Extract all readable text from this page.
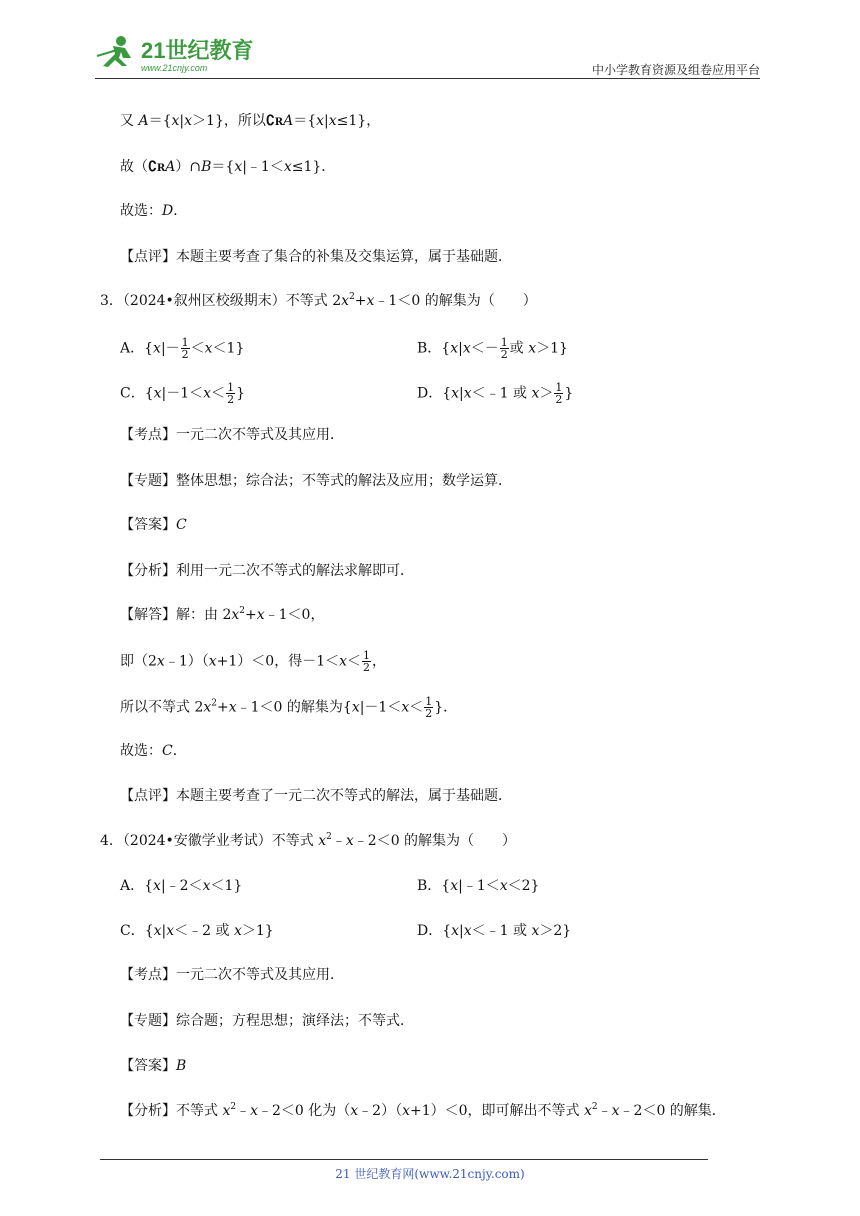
21世纪教育
www.21cnjy.com	中小学教育资源及组卷应用平台
又 A＝{x|x＞1}，所以∁RA＝{x|x≤1}，
故（∁RA）∩B＝{x|﹣1＜x≤1}．
故选：D．
【点评】本题主要考查了集合的补集及交集运算，属于基础题．
3．（2024•叙州区校级期末）不等式 $2x^2+x﹣1<0$ 的解集为（　　）
A．$\{x|- \frac{1}{2} <x<1\}$	B．{$x|x<- \frac{1}{2}$ 或 x＞1}
C．{$x|-1<x< \frac{1}{2}$ }	D．{x|x＜﹣1 或 $x> \frac{1}{2}$ }
【考点】一元二次不等式及其应用．
【专题】整体思想；综合法；不等式的解法及应用；数学运算．
【答案】C
【分析】利用一元二次不等式的解法求解即可．
【解答】解：由 $2x^2+x﹣1<0$，
即（2x﹣1）（x+1）＜0，得$-1<x< \frac{1}{2}$ ，
所以不等式 $2x^2+x﹣1<0$ 的解集为{$x|-1<x< \frac{1}{2}$ }．
故选：C．
【点评】本题主要考查了一元二次不等式的解法，属于基础题．
4．（2024•安徽学业考试）不等式 $x^2﹣x﹣2<0$ 的解集为（　　）
A．{x|﹣2＜x＜1}	B．{x|﹣1＜x＜2}
C．{x|x＜﹣2 或 x＞1}	D．{x|x＜﹣1 或 x＞2}
【考点】一元二次不等式及其应用．
【专题】综合题；方程思想；演绎法；不等式．
【答案】B
【分析】不等式 $x^2﹣x﹣2<0$ 化为（x﹣2）（x+1）＜0，即可解出不等式 $x^2﹣x﹣2<0$ 的解集．
21 世纪教育网(www.21cnjy.com)
